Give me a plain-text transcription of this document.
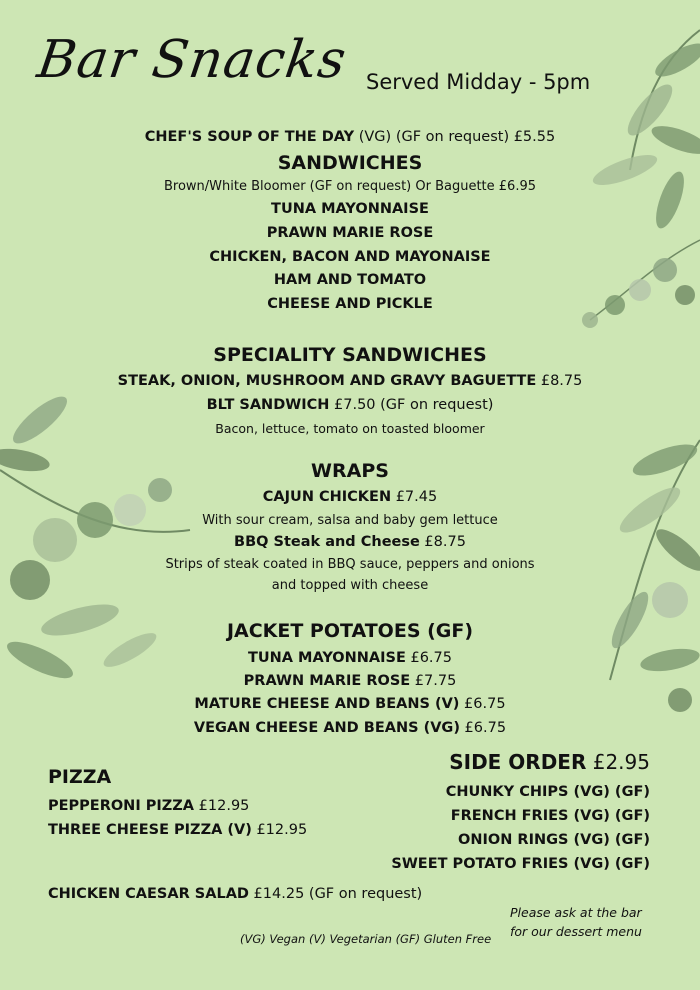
Bar Snacks Served Midday - 5pm
CHEF'S SOUP OF THE DAY (VG) (GF on request) £5.55
SANDWICHES
Brown/White Bloomer (GF on request) Or Baguette £6.95
TUNA MAYONNAISE
PRAWN MARIE ROSE
CHICKEN, BACON AND MAYONAISE
HAM AND TOMATO
CHEESE AND PICKLE
SPECIALITY SANDWICHES
STEAK, ONION, MUSHROOM AND GRAVY BAGUETTE £8.75
BLT SANDWICH £7.50 (GF on request)
Bacon, lettuce, tomato on toasted bloomer
WRAPS
CAJUN CHICKEN £7.45
With sour cream, salsa and baby gem lettuce
BBQ Steak and Cheese £8.75
Strips of steak coated in BBQ sauce, peppers and onions
and topped with cheese
JACKET POTATOES (GF)
TUNA MAYONNAISE £6.75
PRAWN MARIE ROSE £7.75
MATURE CHEESE AND BEANS (V) £6.75
VEGAN CHEESE AND BEANS (VG) £6.75
PIZZA
PEPPERONI PIZZA £12.95
THREE CHEESE PIZZA (V) £12.95
SIDE ORDER £2.95
CHUNKY CHIPS (VG) (GF)
FRENCH FRIES (VG) (GF)
ONION RINGS (VG) (GF)
SWEET POTATO FRIES (VG) (GF)
CHICKEN CAESAR SALAD £14.25 (GF on request)
Please ask at the bar
for our dessert menu
(VG) Vegan (V) Vegetarian (GF) Gluten Free
